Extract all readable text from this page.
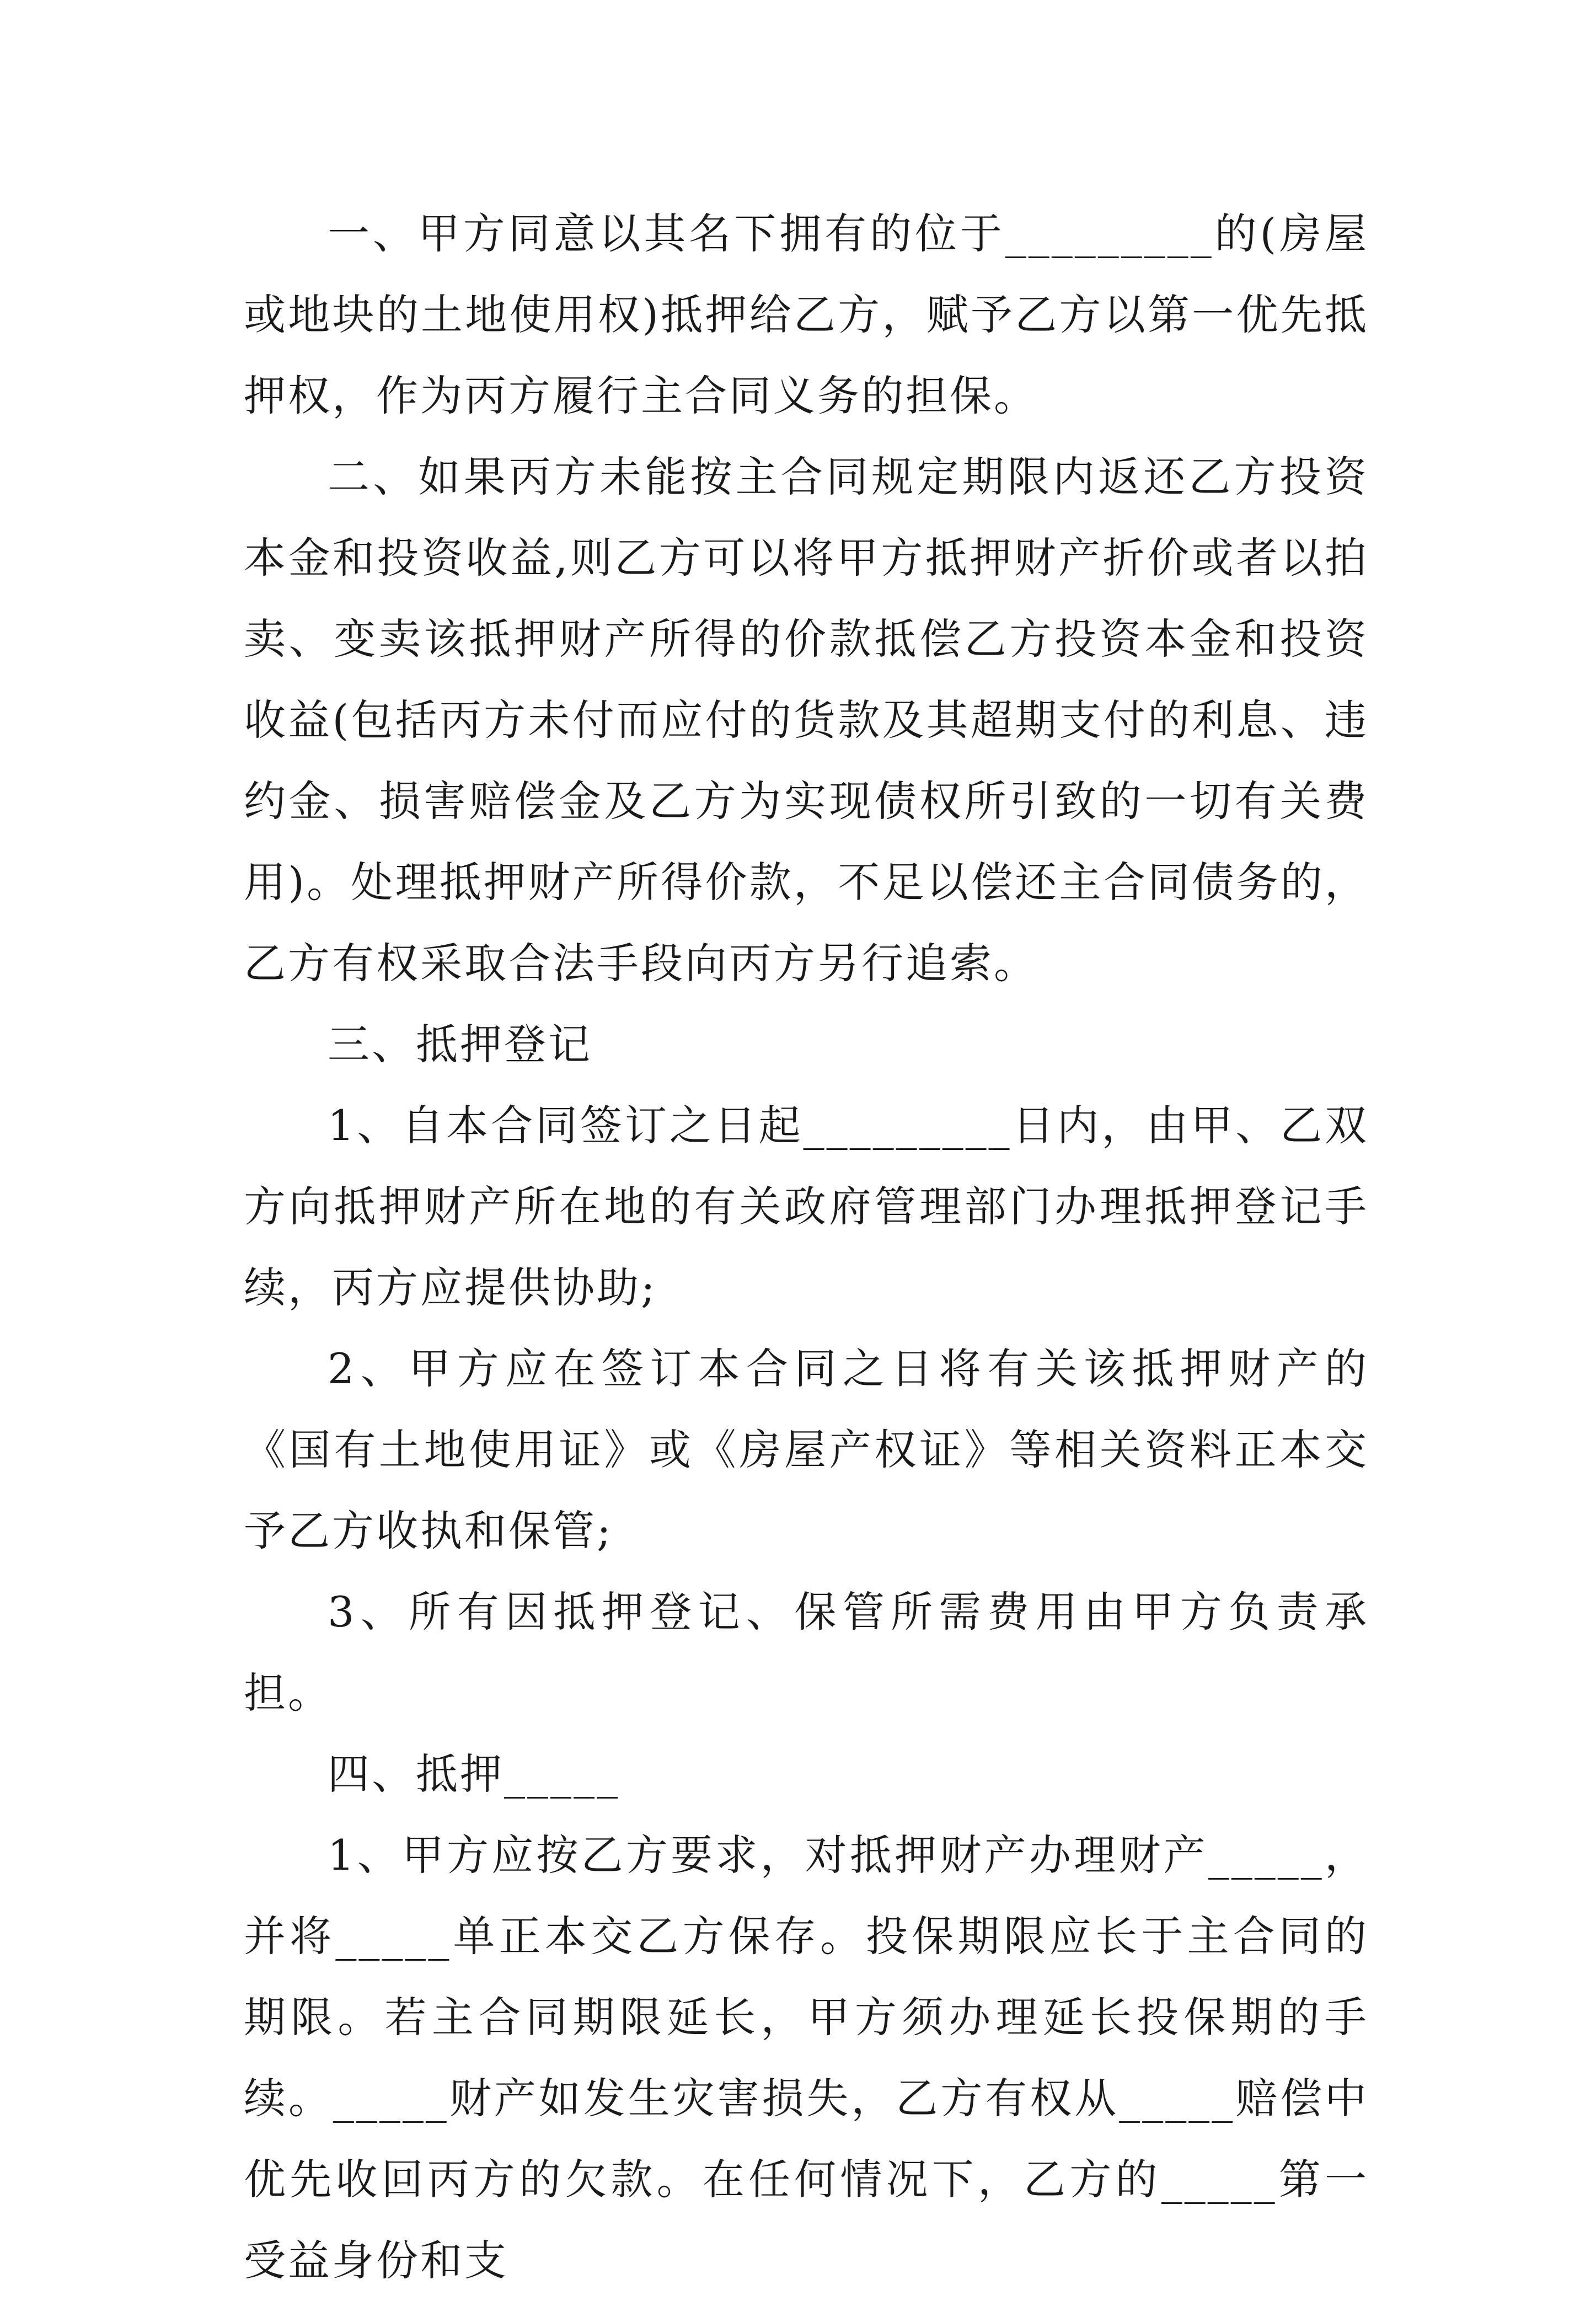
一、甲方同意以其名下拥有的位于_________的(房屋或地块的土地使用权)抵押给乙方，赋予乙方以第一优先抵押权，作为丙方履行主合同义务的担保。

二、如果丙方未能按主合同规定期限内返还乙方投资本金和投资收益,则乙方可以将甲方抵押财产折价或者以拍卖、变卖该抵押财产所得的价款抵偿乙方投资本金和投资收益(包括丙方未付而应付的货款及其超期支付的利息、违约金、损害赔偿金及乙方为实现债权所引致的一切有关费用)。处理抵押财产所得价款，不足以偿还主合同债务的，乙方有权采取合法手段向丙方另行追索。

三、抵押登记

1、自本合同签订之日起_________日内，由甲、乙双方向抵押财产所在地的有关政府管理部门办理抵押登记手续，丙方应提供协助;

2、甲方应在签订本合同之日将有关该抵押财产的《国有土地使用证》或《房屋产权证》等相关资料正本交予乙方收执和保管;

3、所有因抵押登记、保管所需费用由甲方负责承担。

四、抵押_____

1、甲方应按乙方要求，对抵押财产办理财产_____，并将_____单正本交乙方保存。投保期限应长于主合同的期限。若主合同期限延长，甲方须办理延长投保期的手续。_____财产如发生灾害损失，乙方有权从_____赔偿中优先收回丙方的欠款。在任何情况下，乙方的_____第一受益身份和支
